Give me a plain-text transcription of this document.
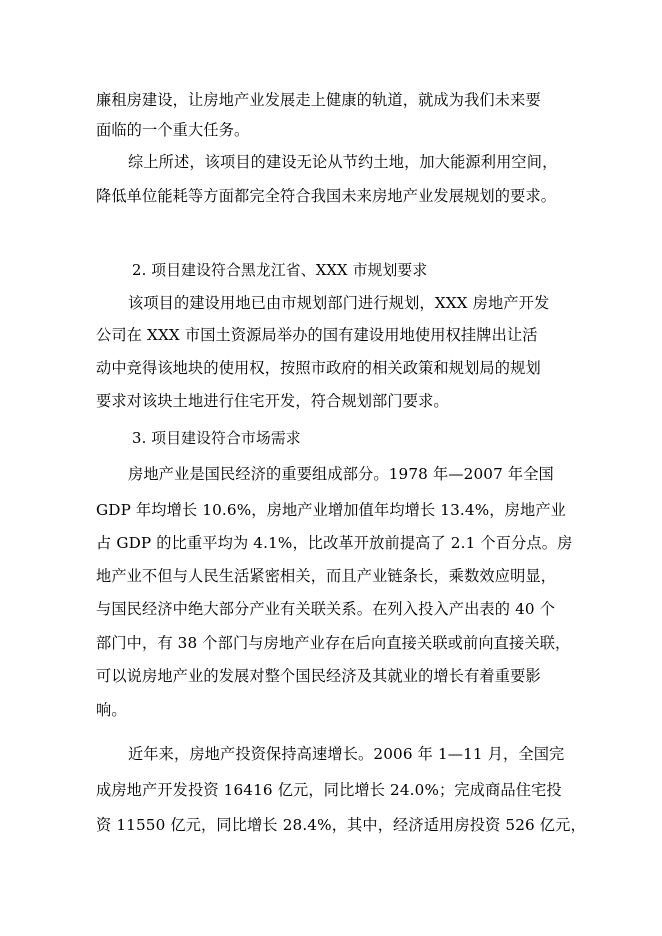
廉租房建设，让房地产业发展走上健康的轨道，就成为我们未来要
面临的一个重大任务。
综上所述，该项目的建设无论从节约土地，加大能源利用空间，
降低单位能耗等方面都完全符合我国未来房地产业发展规划的要求。
2. 项目建设符合黑龙江省、XXX 市规划要求
该项目的建设用地已由市规划部门进行规划，XXX 房地产开发
公司在 XXX 市国土资源局举办的国有建设用地使用权挂牌出让活
动中竞得该地块的使用权，按照市政府的相关政策和规划局的规划
要求对该块土地进行住宅开发，符合规划部门要求。
3. 项目建设符合市场需求
房地产业是国民经济的重要组成部分。1978 年—2007 年全国
GDP 年均增长 10.6%，房地产业增加值年均增长 13.4%，房地产业
占 GDP 的比重平均为 4.1%，比改革开放前提高了 2.1 个百分点。房
地产业不但与人民生活紧密相关，而且产业链条长，乘数效应明显，
与国民经济中绝大部分产业有关联关系。在列入投入产出表的 40 个
部门中，有 38 个部门与房地产业存在后向直接关联或前向直接关联，
可以说房地产业的发展对整个国民经济及其就业的增长有着重要影
响。
近年来，房地产投资保持高速增长。2006 年 1—11 月，全国完
成房地产开发投资 16416 亿元，同比增长 24.0%；完成商品住宅投
资 11550 亿元，同比增长 28.4%，其中，经济适用房投资 526 亿元，
